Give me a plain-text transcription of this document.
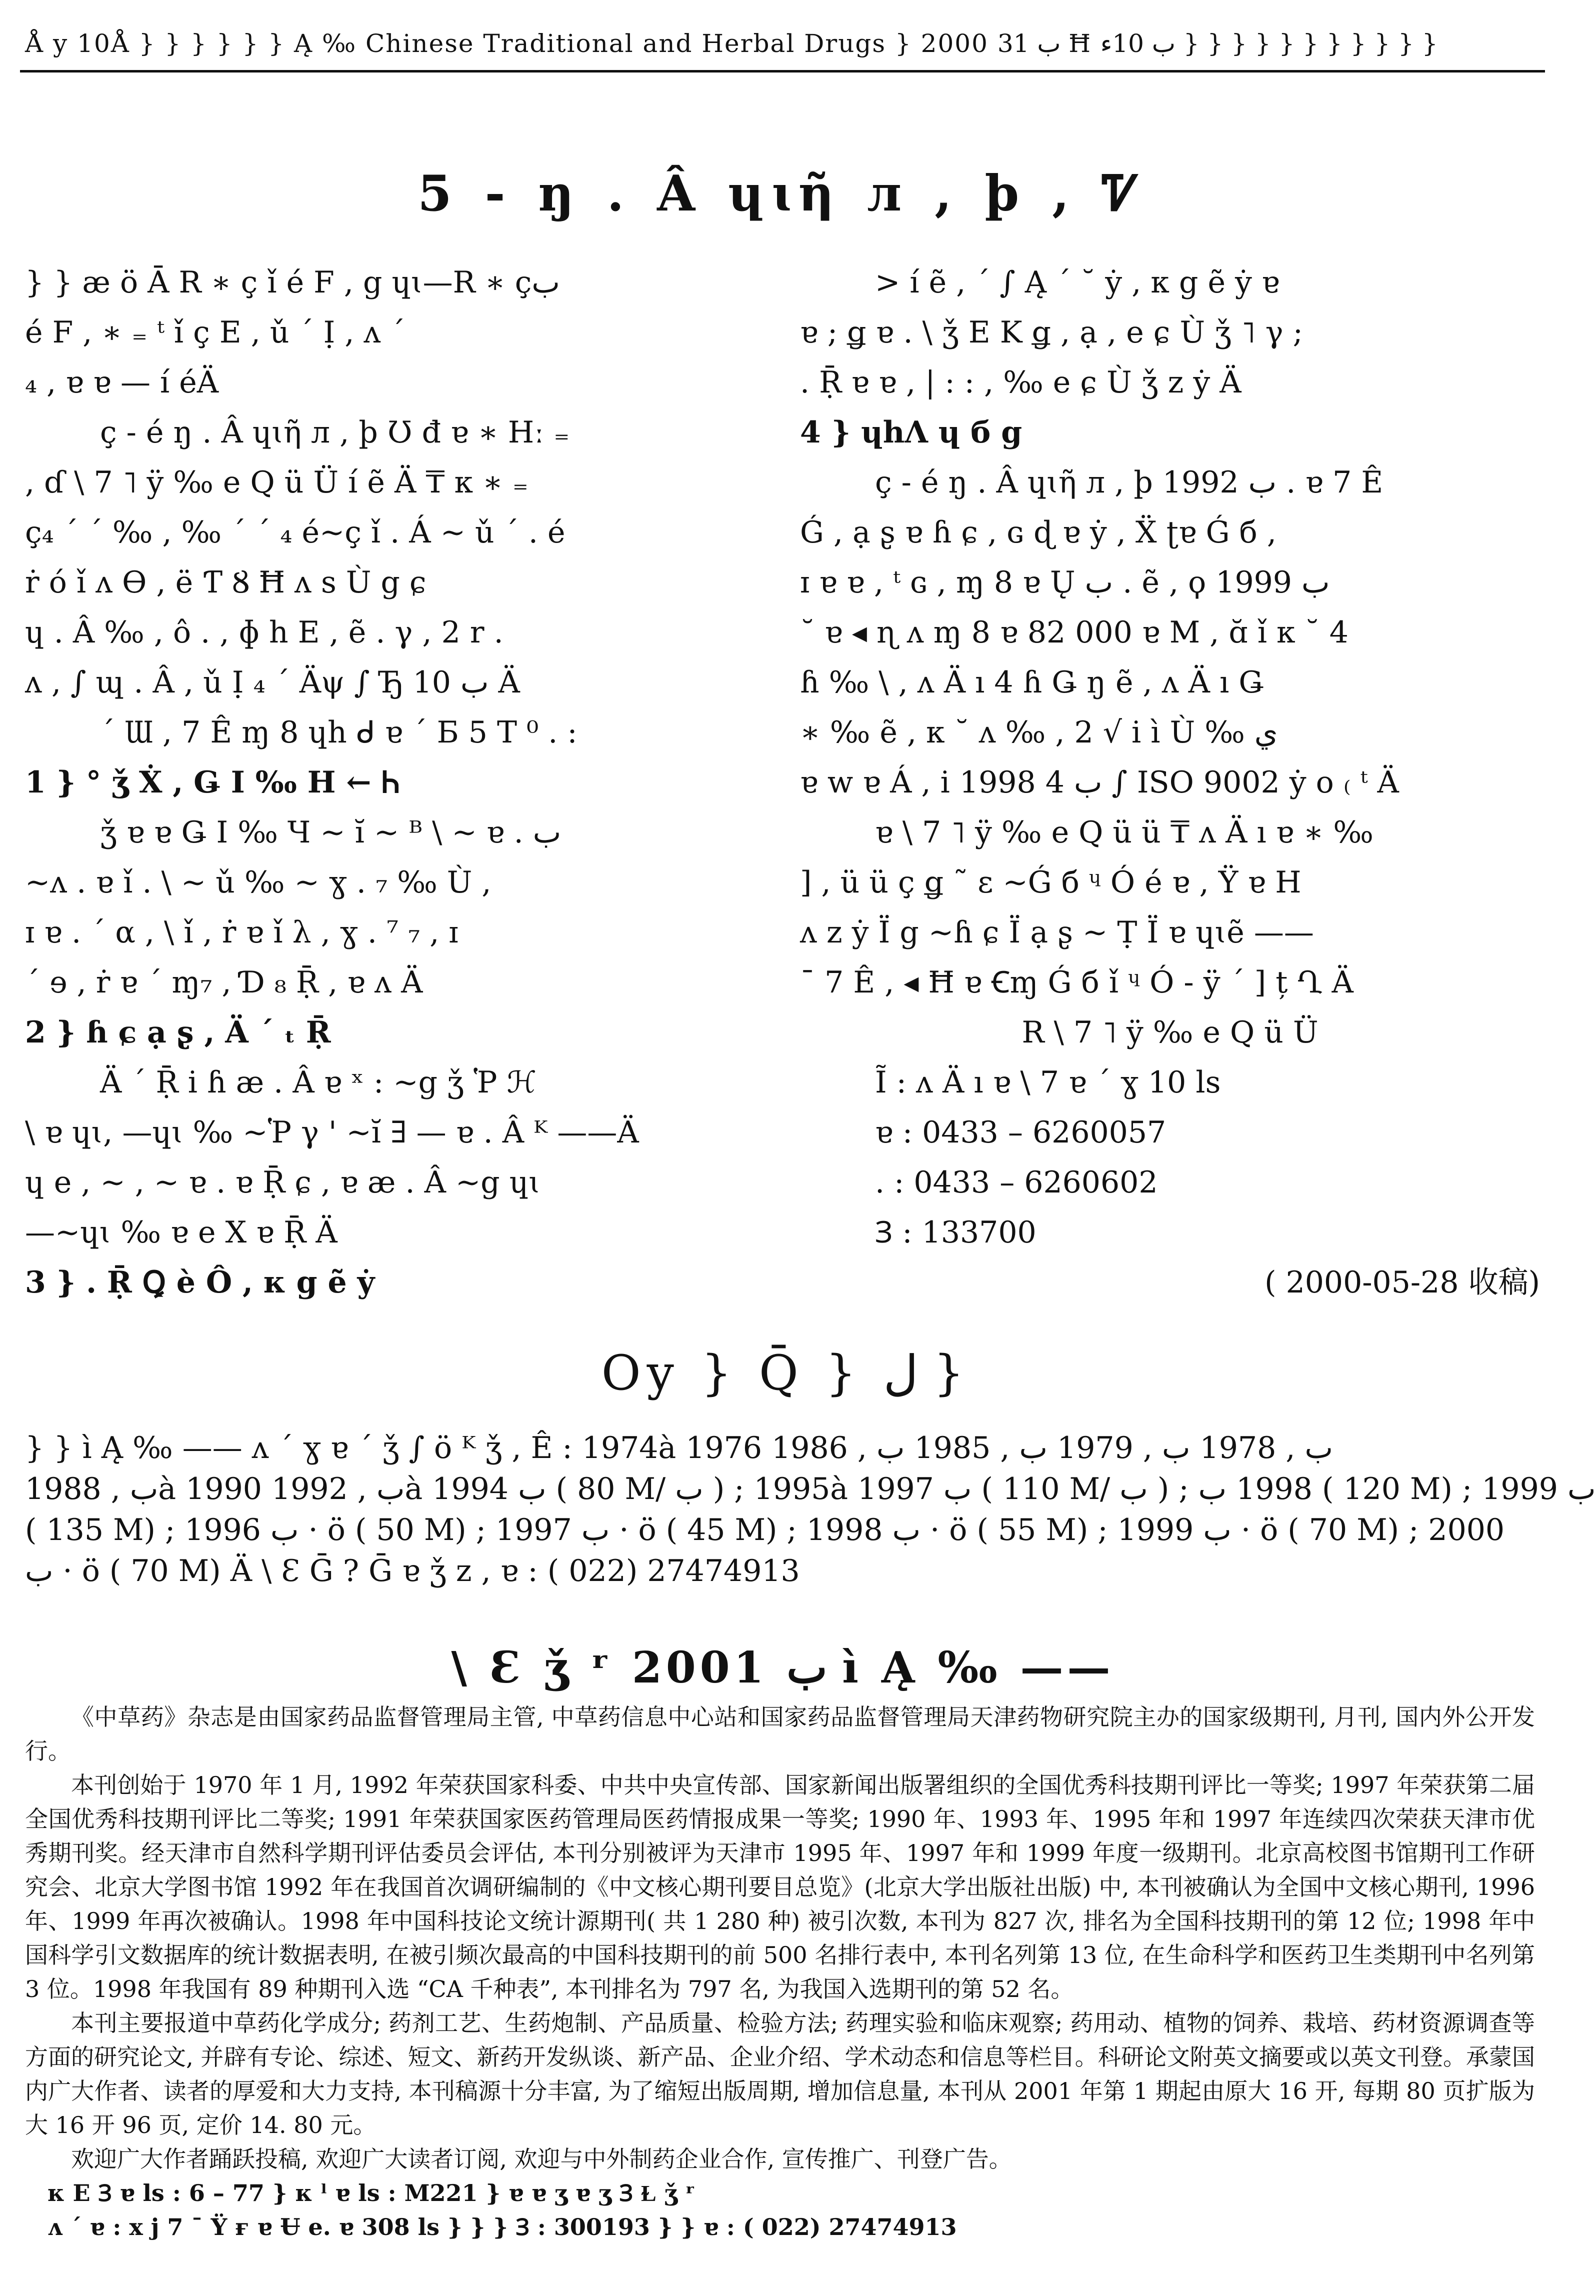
Å y 10Å } } } } } } Ą ‰ Chinese Traditional and Herbal Drugs } 2000 ب 31 Ħ ب 10ء } } } } } } } } } } }
5 - ŋ . Â ɥɩῆ л , þ , Ꮴ
} } æ ö Ā R ∗ ç ǐ é F , g ɥɩ—R ∗ çب
é F , ∗ ₌ ᵗ ǐ ç E , ǔ ΄ Ị , ᴧ ΄
₄ , ɐ ɐ — í éÄ
ç - é ŋ . Â ɥɩῆ л , þ Ʊ đ ɐ ∗ Hː ₌
, ɗ \ 7 ˥ ÿ ‰ e Q ü Ü í ẽ Ä ₸ κ ∗ ₌
ç₄ ΄ ΄ ‰ , ‰ ΄ ΄ ₄ é~ç ǐ . Á ~ ǔ ΄ . é
ṙ ó ǐ ᴧ Ɵ , ë Ƭ Ȣ Ħ ᴧ s Ù g ɕ
ɥ . Â ‰ , ô . , ɸ h E , ẽ . γ , 2 r .
ᴧ , ∫ ɰ . Â , ǔ Ị ₄ ΄ Äψ ∫ Ђ 10 ب Ä
΄ Ɯ , 7 Ê ɱ 8 ɥh ᑯ ɐ ΄ Б 5 T ⁰ . :
1 } ° ǯ Ẋ , Ǥ I ‰ H ← Ꮒ
ǯ ɐ ɐ Ǥ I ‰ Ч ~ ĭ ~ ᴮ \ ~ ɐ . ب
~ᴧ . ɐ ǐ . \ ~ ǔ ‰ ~ ɣ . ₇ ‰ Ù ,
ɪ ɐ . ΄ α , \ ǐ , ṙ ɐ ǐ λ , ɣ . ⁷ ₇ , ɪ
΄ ɘ , ṙ ɐ ΄ ɱ₇ , Ɗ ₈ Ṝ , ɐ ᴧ Ä
2 } ɦ ɕ ạ ʂ , Ä ΄ ₜ Ṝ
Ä ΄ Ṝ i ɦ æ . Â ɐ ˣ : ~g ǯ Ῥ ℋ
\ ɐ ɥɩ, —ɥɩ ‰ ~Ῥ γ ' ~ĭ ∃ — ɐ . Â ᴷ ——Ä
ɥ e , ~ , ~ ɐ . ɐ Ṝ ɕ , ɐ æ . Â ~g ɥɩ
—~ɥɩ ‰ ɐ e X ɐ Ṝ Ä
3 } . Ṝ Ꝗ è Ô , κ g ẽ ẏ
> í ẽ , ΄ ∫ Ą ΄ ˘ ẏ , κ g ẽ ẏ ɐ
ɐ ; ǥ ɐ . \ ǯ E K ǥ , ạ , e ɕ Ù ǯ ˥ γ ;
. Ṝ ɐ ɐ , | : : , ‰ e ɕ Ù ǯ z ẏ Ä
4 } ɥhɅ ɥ б g
ç - é ŋ . Â ɥɩῆ л , þ 1992 ب . ɐ 7 Ê
Ǵ , ạ ʂ ɐ ɦ ɕ , ɢ ɖ ɐ ẏ , Ẍ ʈɐ Ǵ б ,
ɪ ɐ ɐ , ᵗ ɢ , ɱ 8 ɐ Ų ب . ẽ , ϙ 1999 ب
˘ ɐ ◂ ɳ ᴧ ɱ 8 ɐ 82 000 ɐ M , ɑ̆ ǐ κ ˘ 4
ɦ ‰ \ , ᴧ Ä ı 4 ɦ Ǥ ŋ ẽ , ᴧ Ä ı Ǥ
∗ ‰ ẽ , κ ˘ ᴧ ‰ , 2 √ i ì Ù ‰ ي
ɐ w ɐ Á , i 1998 ب 4 ∫ ISO 9002 ẏ o ₍ ᵗ Ä
ɐ \ 7 ˥ ÿ ‰ e Q ü ü ₸ ᴧ Ä ı ɐ ∗ ‰
] , ü ü ç ǥ ˜ ɛ ~Ǵ б ᶣ Ó é ɐ , Ÿ ɐ H
ᴧ z ẏ Ï g ~ɦ ɕ Ï ạ ʂ ~ Ṭ Ï ɐ ɥɩẽ ——
¯ 7 Ê , ◂ Ħ ɐ Ꞓɱ Ǵ б ǐ ᶣ Ó - ÿ ΄ ] ț Ղ Ä
R \ 7 ˥ ÿ ‰ e Q ü Ü
Ĩ : ᴧ Ä ı ɐ \ 7 ɐ ΄ ɣ 10 ls
ɐ : 0433 – 6260057
. : 0433 – 6260602
Ɜ : 133700
( 2000-05-28 收稿)
Oy } Q̄ } ل }
} } ì Ą ‰ —— ᴧ ΄ ɣ ɐ ΄ ǯ ∫ ö ᴷ ǯ , Ê : 1974à 1976 ب , 1978 ب , 1979 ب , 1985 ب , 1986
ب , 1988à 1990 ب , 1992à 1994 ب ( 80 M/ ب ) ; 1995à 1997 ب ( 110 M/ ب ) ; 1998 ب ( 120 M) ; 1999 ب
( 135 M) ; 1996 ب · ö ( 50 M) ; 1997 ب · ö ( 45 M) ; 1998 ب · ö ( 55 M) ; 1999 ب · ö ( 70 M) ; 2000
ب · ö ( 70 M) Ä \ Ɛ Ḡ ? Ḡ ɐ ǯ z , ɐ : ( 022) 27474913
\ Ɛ ǯ ʳ 2001 ب ì Ą ‰ ——

《中草药》杂志是由国家药品监督管理局主管, 中草药信息中心站和国家药品监督管理局天津药物研究院主办的国家级期刊, 月刊, 国内外公开发行。

本刊创始于 1970 年 1 月, 1992 年荣获国家科委、中共中央宣传部、国家新闻出版署组织的全国优秀科技期刊评比一等奖; 1997 年荣获第二届全国优秀科技期刊评比二等奖; 1991 年荣获国家医药管理局医药情报成果一等奖; 1990 年、1993 年、1995 年和 1997 年连续四次荣获天津市优秀期刊奖。经天津市自然科学期刊评估委员会评估, 本刊分别被评为天津市 1995 年、1997 年和 1999 年度一级期刊。北京高校图书馆期刊工作研究会、北京大学图书馆 1992 年在我国首次调研编制的《中文核心期刊要目总览》(北京大学出版社出版) 中, 本刊被确认为全国中文核心期刊, 1996 年、1999 年再次被确认。1998 年中国科技论文统计源期刊( 共 1 280 种) 被引次数, 本刊为 827 次, 排名为全国科技期刊的第 12 位; 1998 年中国科学引文数据库的统计数据表明, 在被引频次最高的中国科技期刊的前 500 名排行表中, 本刊名列第 13 位, 在生命科学和医药卫生类期刊中名列第 3 位。1998 年我国有 89 种期刊入选 “CA 千种表”, 本刊排名为 797 名, 为我国入选期刊的第 52 名。

本刊主要报道中草药化学成分; 药剂工艺、生药炮制、产品质量、检验方法; 药理实验和临床观察; 药用动、植物的饲养、栽培、药材资源调查等方面的研究论文, 并辟有专论、综述、短文、新药开发纵谈、新产品、企业介绍、学术动态和信息等栏目。科研论文附英文摘要或以英文刊登。承蒙国内广大作者、读者的厚爱和大力支持, 本刊稿源十分丰富, 为了缩短出版周期, 增加信息量, 本刊从 2001 年第 1 期起由原大 16 开, 每期 80 页扩版为大 16 开 96 页, 定价 14. 80 元。

欢迎广大作者踊跃投稿, 欢迎广大读者订阅, 欢迎与中外制药企业合作, 宣传推广、刊登广告。

κ E Ɜ ɐ ls : 6 – 77 } κ ˡ ɐ ls : M221 } ɐ ɐ ʒ ɐ ʒ Ɜ Ɫ ǯ ʳ

ᴧ ΄ ɐ : x j 7 ¯ Ÿ ғ ɐ Ʉ e. ɐ 308 ls } } } Ɜ : 300193 } } ɐ : ( 022) 27474913
